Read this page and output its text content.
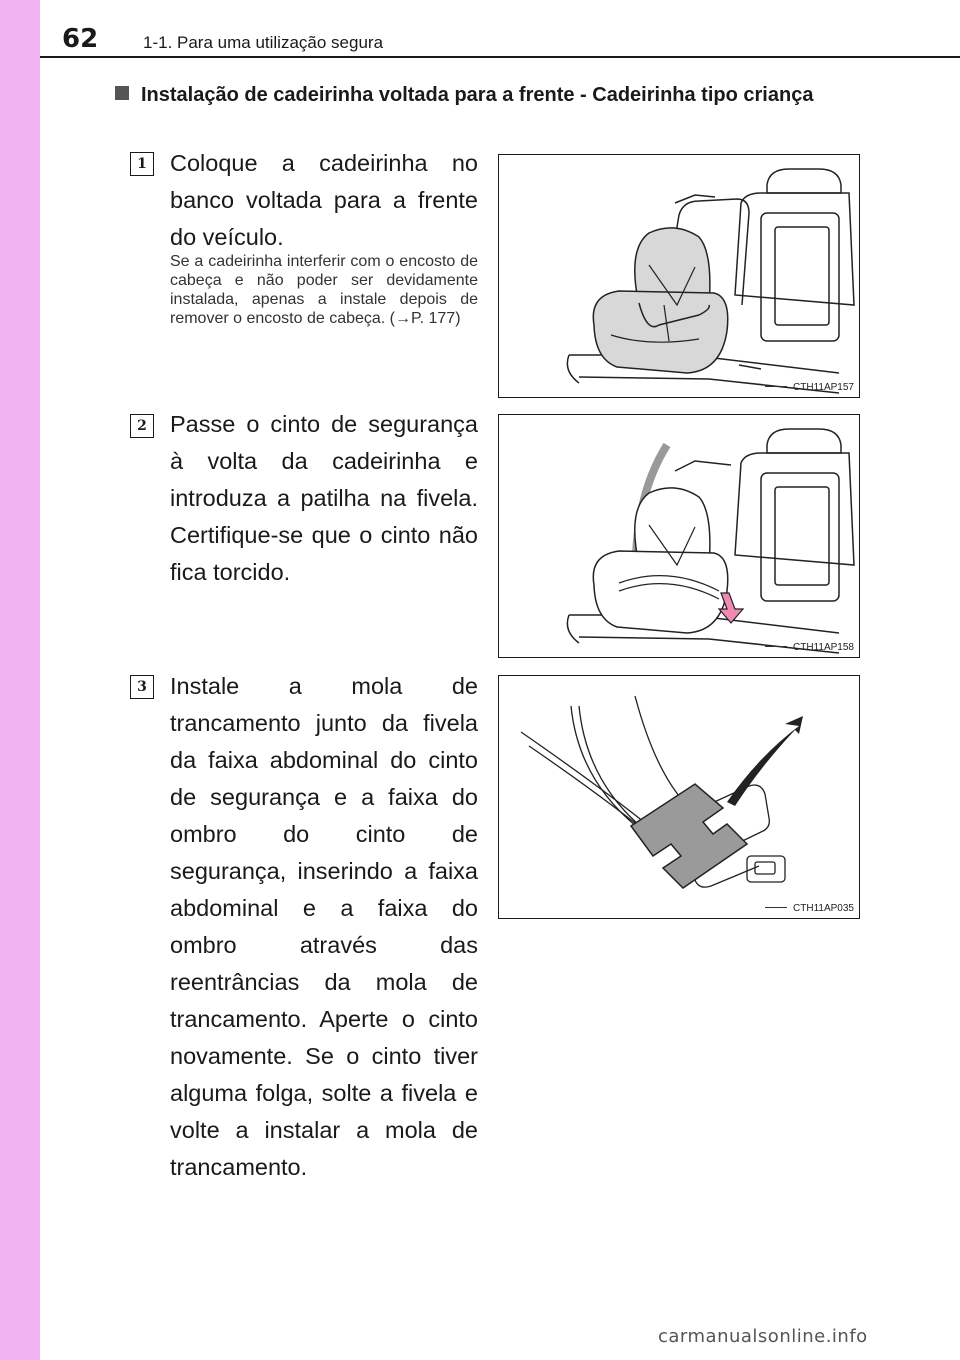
62	1-1. Para uma utilização segura
Instalação de cadeirinha voltada para a frente - Cadeirinha tipo criança
1 Coloque a cadeirinha no banco voltada para a frente do veículo.
Se a cadeirinha interferir com o encosto de cabeça e não poder ser devidamente instalada, apenas a instale depois de remover o encosto de cabeça. (→P. 177)
CTH11AP157
2 Passe o cinto de segurança à volta da cadeirinha e introduza a patilha na fivela. Certifique-se que o cinto não fica torcido.
CTH11AP158
3 Instale a mola de trancamento junto da fivela da faixa abdominal do cinto de segurança e a faixa do ombro do cinto de segurança, inserindo a faixa abdominal e a faixa do ombro através das reentrâncias da mola de trancamento. Aperte o cinto novamente. Se o cinto tiver alguma folga, solte a fivela e volte a instalar a mola de trancamento.
CTH11AP035
carmanualsonline.info
